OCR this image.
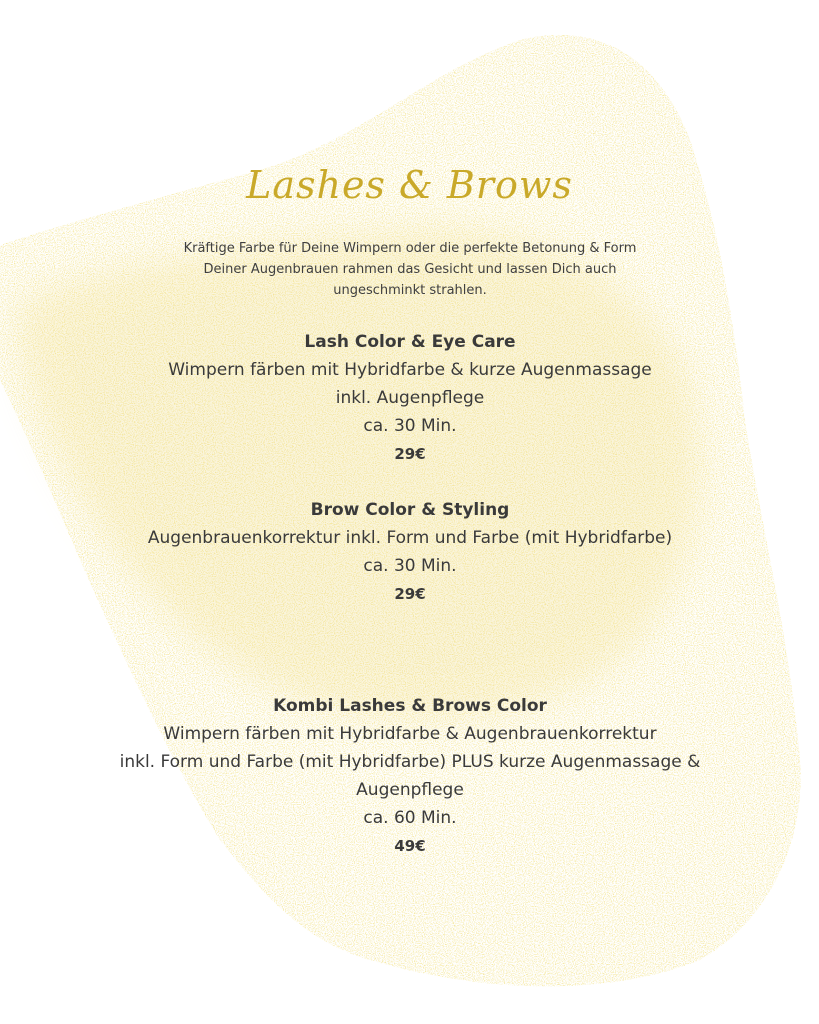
Lashes & Brows
Kräftige Farbe für Deine Wimpern oder die perfekte Betonung & Form
Deiner Augenbrauen rahmen das Gesicht und lassen Dich auch
ungeschminkt strahlen.
Lash Color & Eye Care
Wimpern färben mit Hybridfarbe & kurze Augenmassage
inkl. Augenpflege
ca. 30 Min.
29€
Brow Color & Styling
Augenbrauenkorrektur inkl. Form und Farbe (mit Hybridfarbe)
ca. 30 Min.
29€
Kombi Lashes & Brows Color
Wimpern färben mit Hybridfarbe & Augenbrauenkorrektur
inkl. Form und Farbe (mit Hybridfarbe) PLUS kurze Augenmassage &
Augenpflege
ca. 60 Min.
49€
